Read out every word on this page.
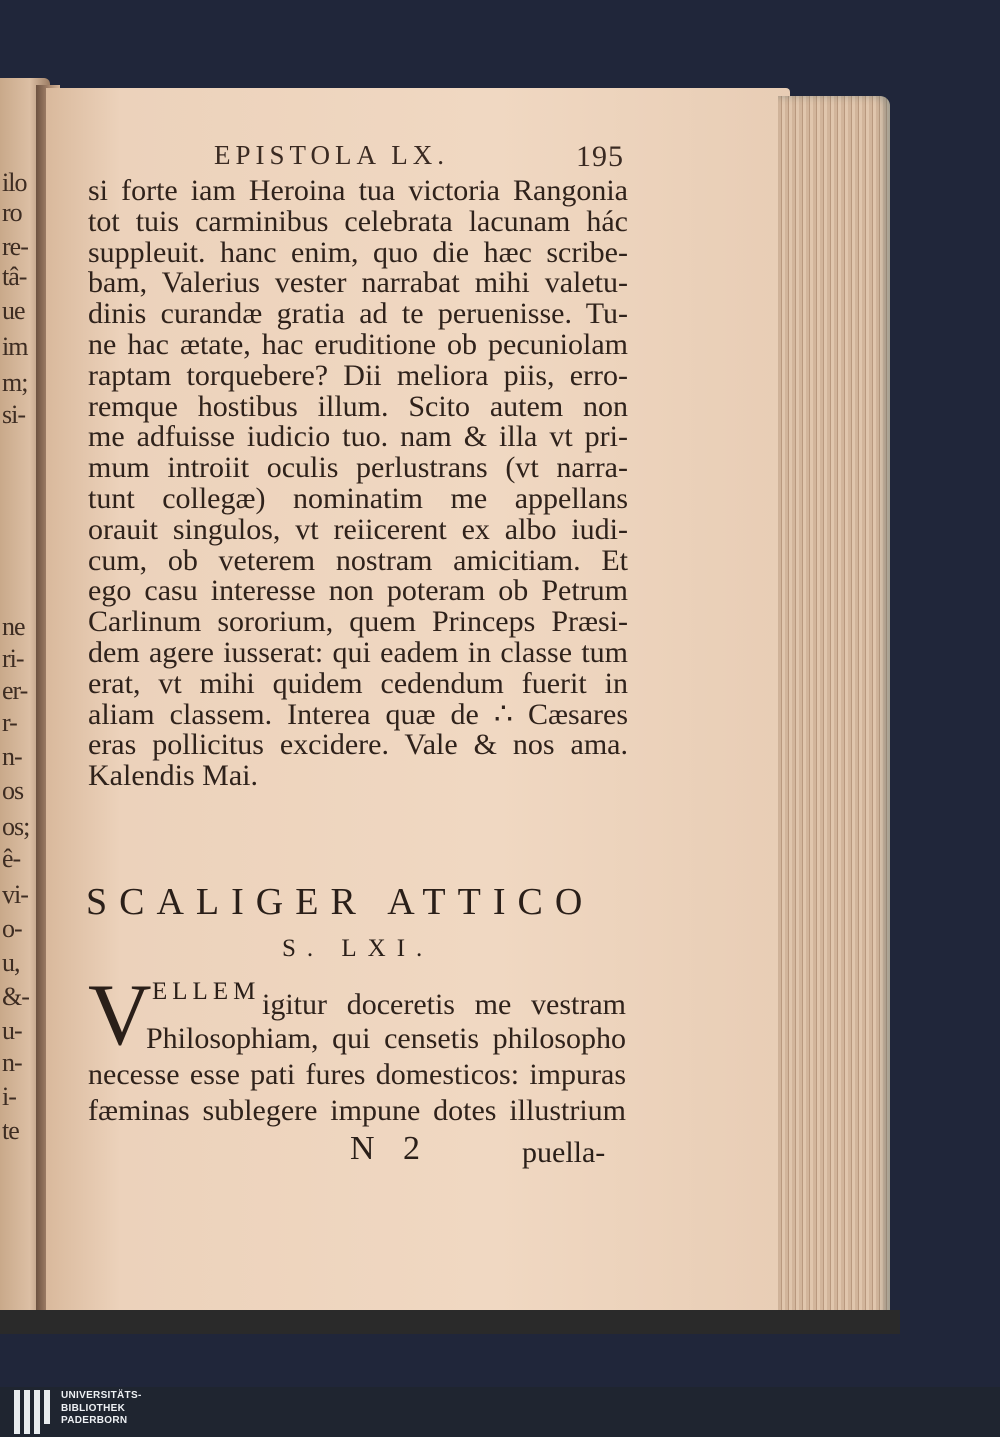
ilo
ro
re-
tâ-
ue
im
m;
si-
ne
ri-
er-
r-
n-
os
os;
ê-
vi-
o-
u,
&-
u-
n-
i-
te
EPISTOLA LX.	195
si forte iam Heroina tua victoria Rangonia
tot tuis carminibus celebrata lacunam hác
suppleuit. hanc enim, quo die hæc scribe-
bam, Valerius vester narrabat mihi valetu-
dinis curandæ gratia ad te peruenisse. Tu-
ne hac ætate, hac eruditione ob pecuniolam
raptam torquebere? Dii meliora piis, erro-
remque hostibus illum. Scito autem non
me adfuisse iudicio tuo. nam & illa vt pri-
mum introiit oculis perlustrans (vt narra-
tunt collegæ) nominatim me appellans
orauit singulos, vt reiicerent ex albo iudi-
cum, ob veterem nostram amicitiam. Et
ego casu interesse non poteram ob Petrum
Carlinum sororium, quem Princeps Præsi-
dem agere iusserat: qui eadem in classe tum
erat, vt mihi quidem cedendum fuerit in
aliam classem. Interea quæ de ∴ Cæsares
eras pollicitus excidere. Vale & nos ama.
Kalendis Mai.
SCALIGER ATTICO
S. LXI.
V ELLEM igitur doceretis me vestram
Philosophiam, qui censetis philosopho
necesse esse pati fures domesticos: impuras
fæminas sublegere impune dotes illustrium
N 2	puella-
UNIVERSITÄTS-
BIBLIOTHEK
PADERBORN
